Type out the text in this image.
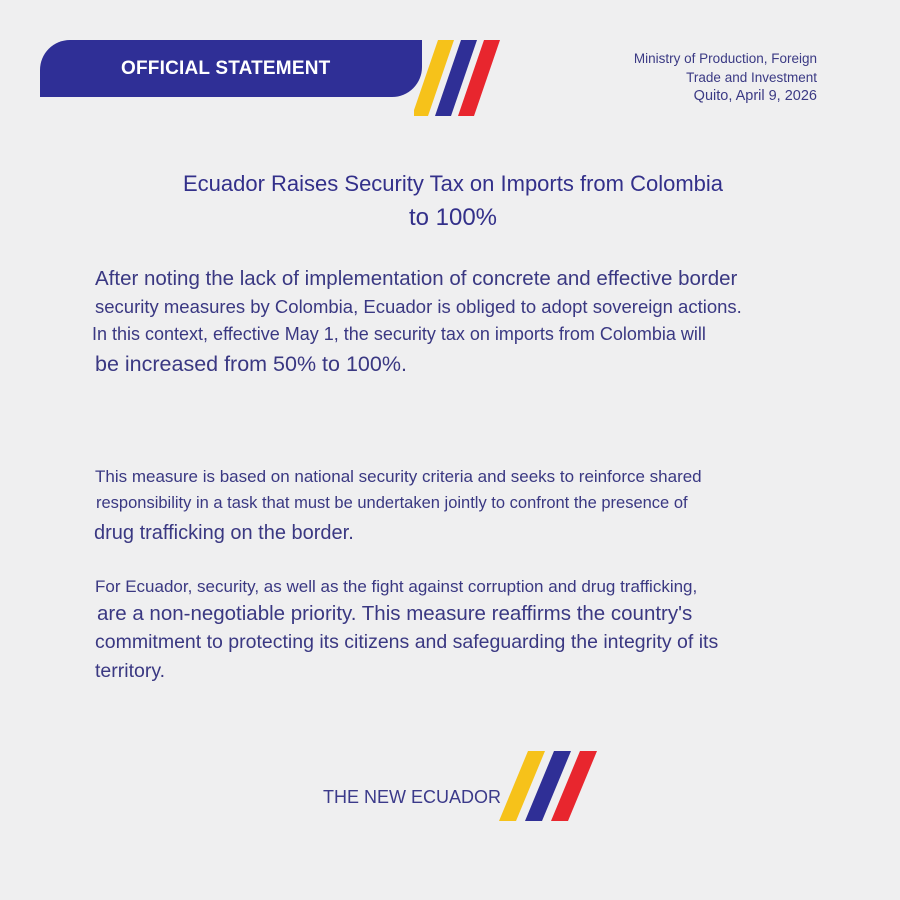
OFFICIAL STATEMENT	Ministry of Production, Foreign
Trade and Investment
Quito, April 9, 2026
Ecuador Raises Security Tax on Imports from Colombia
to 100%
After noting the lack of implementation of concrete and effective border
security measures by Colombia, Ecuador is obliged to adopt sovereign actions.
In this context, effective May 1, the security tax on imports from Colombia will
be increased from 50% to 100%.
This measure is based on national security criteria and seeks to reinforce shared
responsibility in a task that must be undertaken jointly to confront the presence of
drug trafficking on the border.
For Ecuador, security, as well as the fight against corruption and drug trafficking,
are a non-negotiable priority. This measure reaffirms the country's
commitment to protecting its citizens and safeguarding the integrity of its
territory.
THE NEW ECUADOR
